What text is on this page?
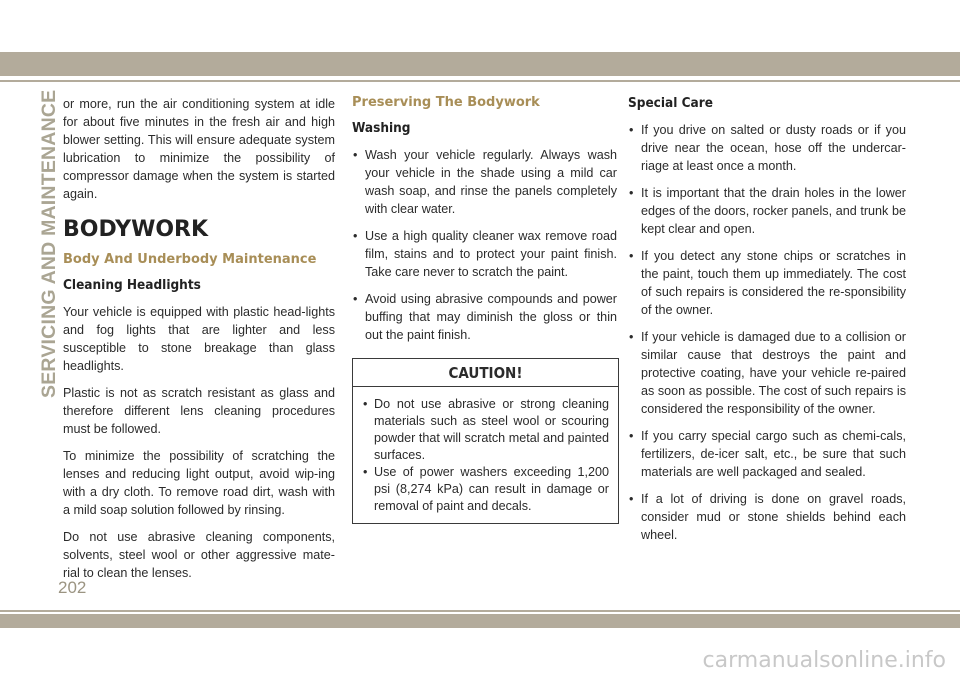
SERVICING AND MAINTENANCE or more, run the air conditioning system at idle for about five minutes in the fresh air and high blower setting. This will ensure adequate system lubrication to minimize the possibility of compressor damage when the system is started again.

BODYWORK
Body And Underbody Maintenance
Cleaning Headlights

Your vehicle is equipped with plastic head-lights and fog lights that are lighter and less susceptible to stone breakage than glass headlights.

Plastic is not as scratch resistant as glass and therefore different lens cleaning procedures must be followed.

To minimize the possibility of scratching the lenses and reducing light output, avoid wip-ing with a dry cloth. To remove road dirt, wash with a mild soap solution followed by rinsing.

Do not use abrasive cleaning components, solvents, steel wool or other aggressive mate-rial to clean the lenses.

Preserving The Bodywork
Washing
• Wash your vehicle regularly. Always wash your vehicle in the shade using a mild car wash soap, and rinse the panels completely with clear water.
• Use a high quality cleaner wax remove road film, stains and to protect your paint finish. Take care never to scratch the paint.
• Avoid using abrasive compounds and power buffing that may diminish the gloss or thin out the paint finish.
CAUTION!
• Do not use abrasive or strong cleaning materials such as steel wool or scouring powder that will scratch metal and painted surfaces.
• Use of power washers exceeding 1,200 psi (8,274 kPa) can result in damage or removal of paint and decals.
Special Care
• If you drive on salted or dusty roads or if you drive near the ocean, hose off the undercar-riage at least once a month.
• It is important that the drain holes in the lower edges of the doors, rocker panels, and trunk be kept clear and open.
• If you detect any stone chips or scratches in the paint, touch them up immediately. The cost of such repairs is considered the re-sponsibility of the owner.
• If your vehicle is damaged due to a collision or similar cause that destroys the paint and protective coating, have your vehicle re-paired as soon as possible. The cost of such repairs is considered the responsibility of the owner.
• If you carry special cargo such as chemi-cals, fertilizers, de-icer salt, etc., be sure that such materials are well packaged and sealed.
• If a lot of driving is done on gravel roads, consider mud or stone shields behind each wheel.
202
carmanualsonline.info
